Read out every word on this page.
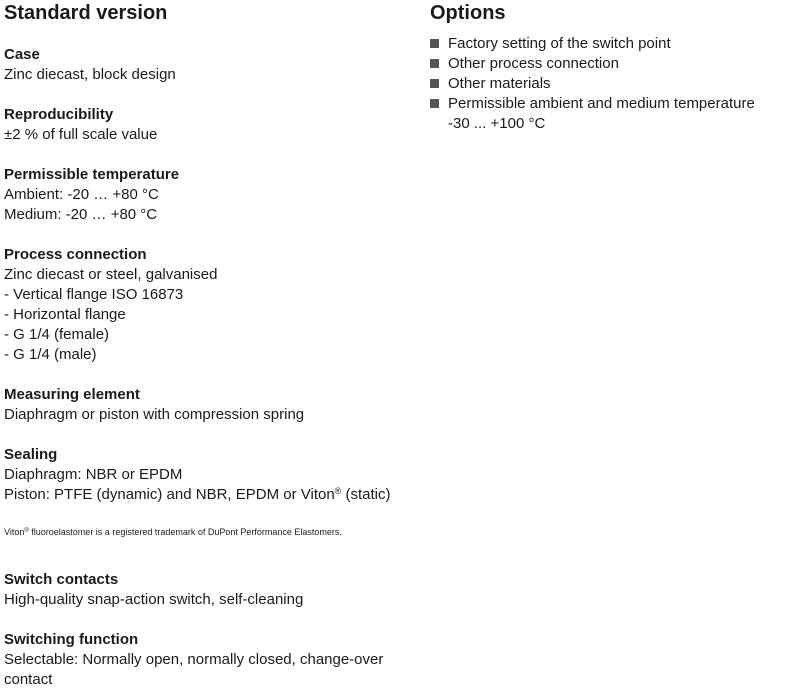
Standard version
Case
Zinc diecast, block design
Reproducibility
±2 % of full scale value
Permissible temperature
Ambient: -20 … +80 °C
Medium: -20 … +80 °C
Process connection
Zinc diecast or steel, galvanised
- Vertical flange ISO 16873
- Horizontal flange
- G 1/4 (female)
- G 1/4 (male)
Measuring element
Diaphragm or piston with compression spring
Sealing
Diaphragm: NBR or EPDM
Piston: PTFE (dynamic) and NBR, EPDM or Viton® (static)
Viton® fluoroelastomer is a registered trademark of DuPont Performance Elastomers.
Switch contacts
High-quality snap-action switch, self-cleaning
Switching function
Selectable: Normally open, normally closed, change-over contact
Options
Factory setting of the switch point
Other process connection
Other materials
Permissible ambient and medium temperature
-30 ... +100 °C
